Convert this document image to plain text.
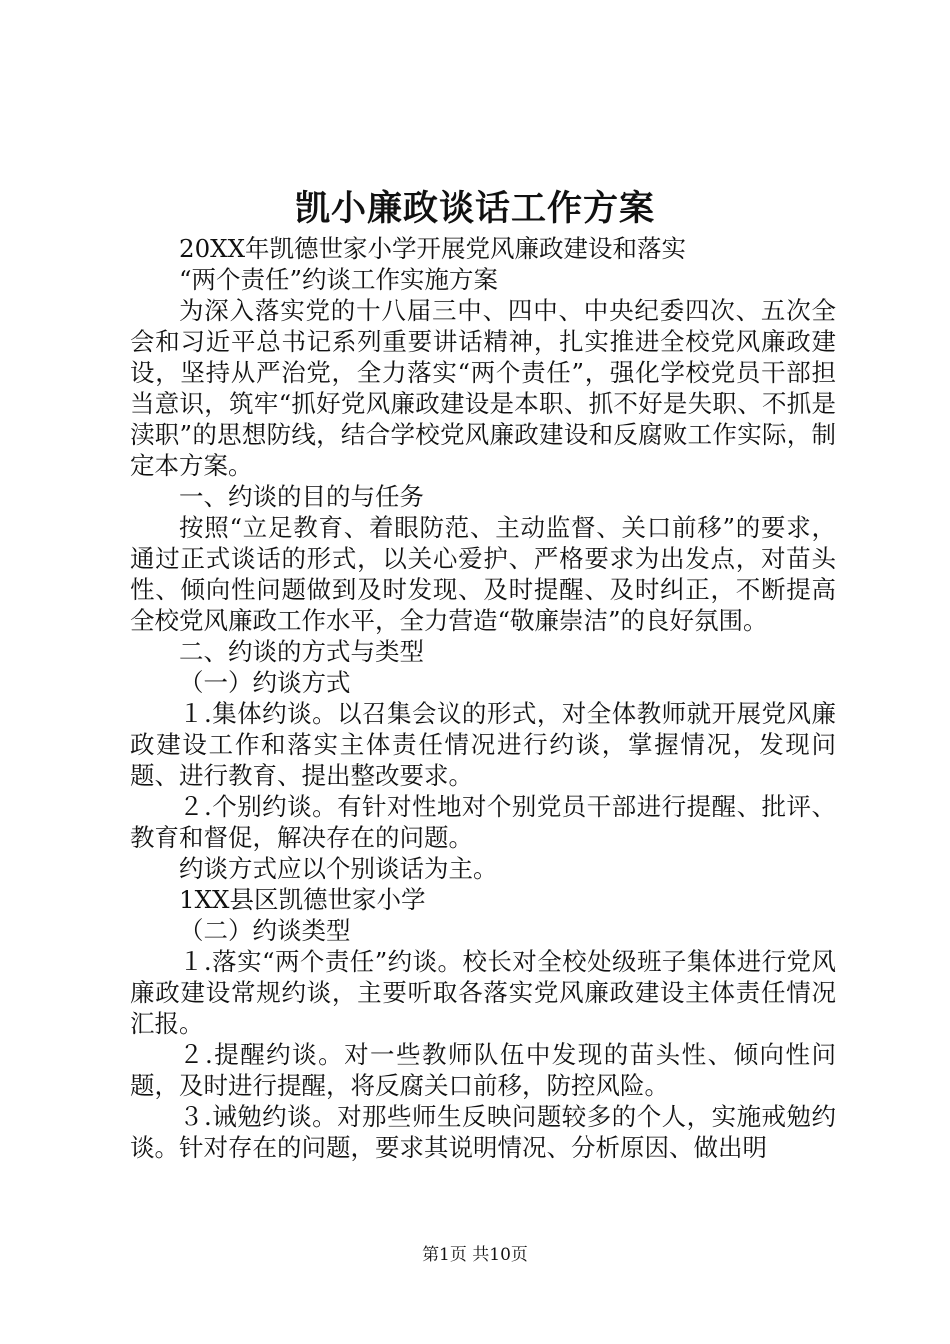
凯小廉政谈话工作方案

20XX年凯德世家小学开展党风廉政建设和落实

“两个责任”约谈工作实施方案

为深入落实党的十八届三中、四中、中央纪委四次、五次全会和习近平总书记系列重要讲话精神，扎实推进全校党风廉政建设，坚持从严治党，全力落实“两个责任”，强化学校党员干部担当意识，筑牢“抓好党风廉政建设是本职、抓不好是失职、不抓是渎职”的思想防线，结合学校党风廉政建设和反腐败工作实际，制定本方案。

一、约谈的目的与任务

按照“立足教育、着眼防范、主动监督、关口前移”的要求，通过正式谈话的形式，以关心爱护、严格要求为出发点，对苗头性、倾向性问题做到及时发现、及时提醒、及时纠正，不断提高全校党风廉政工作水平，全力营造“敬廉崇洁”的良好氛围。

二、约谈的方式与类型

（一）约谈方式

１.集体约谈。以召集会议的形式，对全体教师就开展党风廉政建设工作和落实主体责任情况进行约谈，掌握情况，发现问题、进行教育、提出整改要求。

２.个别约谈。有针对性地对个别党员干部进行提醒、批评、教育和督促，解决存在的问题。

约谈方式应以个别谈话为主。

1XX县区凯德世家小学

（二）约谈类型

１.落实“两个责任”约谈。校长对全校处级班子集体进行党风廉政建设常规约谈，主要听取各落实党风廉政建设主体责任情况汇报。

２.提醒约谈。对一些教师队伍中发现的苗头性、倾向性问题，及时进行提醒，将反腐关口前移，防控风险。

３.诫勉约谈。对那些师生反映问题较多的个人，实施戒勉约谈。针对存在的问题，要求其说明情况、分析原因、做出明

第1页 共10页
